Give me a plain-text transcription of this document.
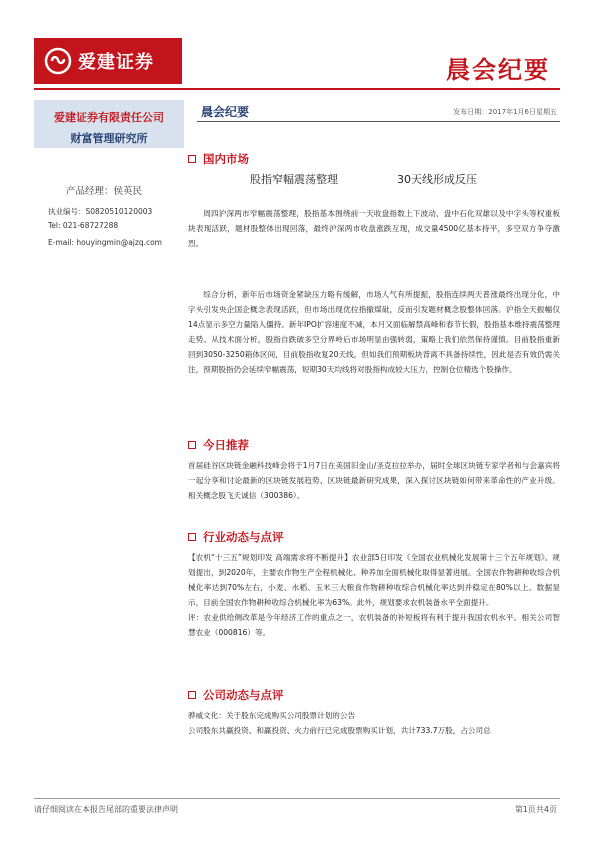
爱建证券	晨会纪要
爱建证券有限责任公司
财富管理研究所
产品经理：侯英民
执业编号：S0820510120003
Tel: 021-68727288
E-mail: houyingmin@ajzq.com
晨会纪要	发布日期：2017年1月6日星期五
国内市场
股指窄幅震荡整理	30天线形成反压

周四沪深两市窄幅震荡整理，股指基本围绕前一天收盘指数上下波动，盘中石化双雄以及中字头等权重板块表现活跃，题材股整体出现回落，最终沪深两市收盘涨跌互现，成交量4500亿基本持平，多空双方争夺激烈。

综合分析，新年后市场资金紧缺压力略有缓解，市场人气有所提振，股指连续两天普涨最终出现分化，中字头引发央企国企概念表现活跃，但市场出现优拉指撤煤砒，反而引发题材概念股整体回落。沪指全天振幅仅14点显示多空力量陷入僵持。新年IPO扩容速度不减，本月又面临解禁高峰和春节长假，股指基本维持震荡整理走势。从技术面分析，股指自跌破多空分界岭后市场明显由强转弱，策略上我们依然保持谨慎。目前股指重新回到3050-3250箱体区间，目前股指收复20天线，但如我们预期板块背离不具备持续性，因此是否有效仍需关注，预期股指仍会延续窄幅震荡，短期30天均线将对股指构成较大压力，控制仓位精选个股操作。

今日推荐

首届硅谷区块链金融科技峰会将于1月7日在美国旧金山/圣克拉拉举办，届时全球区块链专家学者和与会嘉宾将一起分享和讨论最新的区块链发展趋势、区块链最新研究成果，深入探讨区块链如何带来革命性的产业升级。相关概念股飞天诚信（300386）。

行业动态与点评

【农机“十三五”规划印发 高端需求将不断提升】农业部5日印发《全国农业机械化发展第十三个五年规划》。规划提出，到2020年，主要农作物生产全程机械化、种养加全面机械化取得显著进展。全国农作物耕种收综合机械化率达到70%左右，小麦、水稻、玉米三大粮食作物耕种收综合机械化率达到并稳定在80%以上。数据显示，目前全国农作物耕种收综合机械化率为63%。此外，规划要求农机装备水平全面提升。

评：农业供给侧改革是今年经济工作的重点之一，农机装备的补短板将有利于提升我国农机水平。相关公司智慧农业（000816）等。

公司动态与点评

骅威文化：关于股东完成购买公司股票计划的公告

公司股东共赢投资、和赢投资、火力前行已完成股票购买计划，共计733.7万股，占公司总

请仔细阅读在本报告尾部的重要法律声明	第1页共4页
